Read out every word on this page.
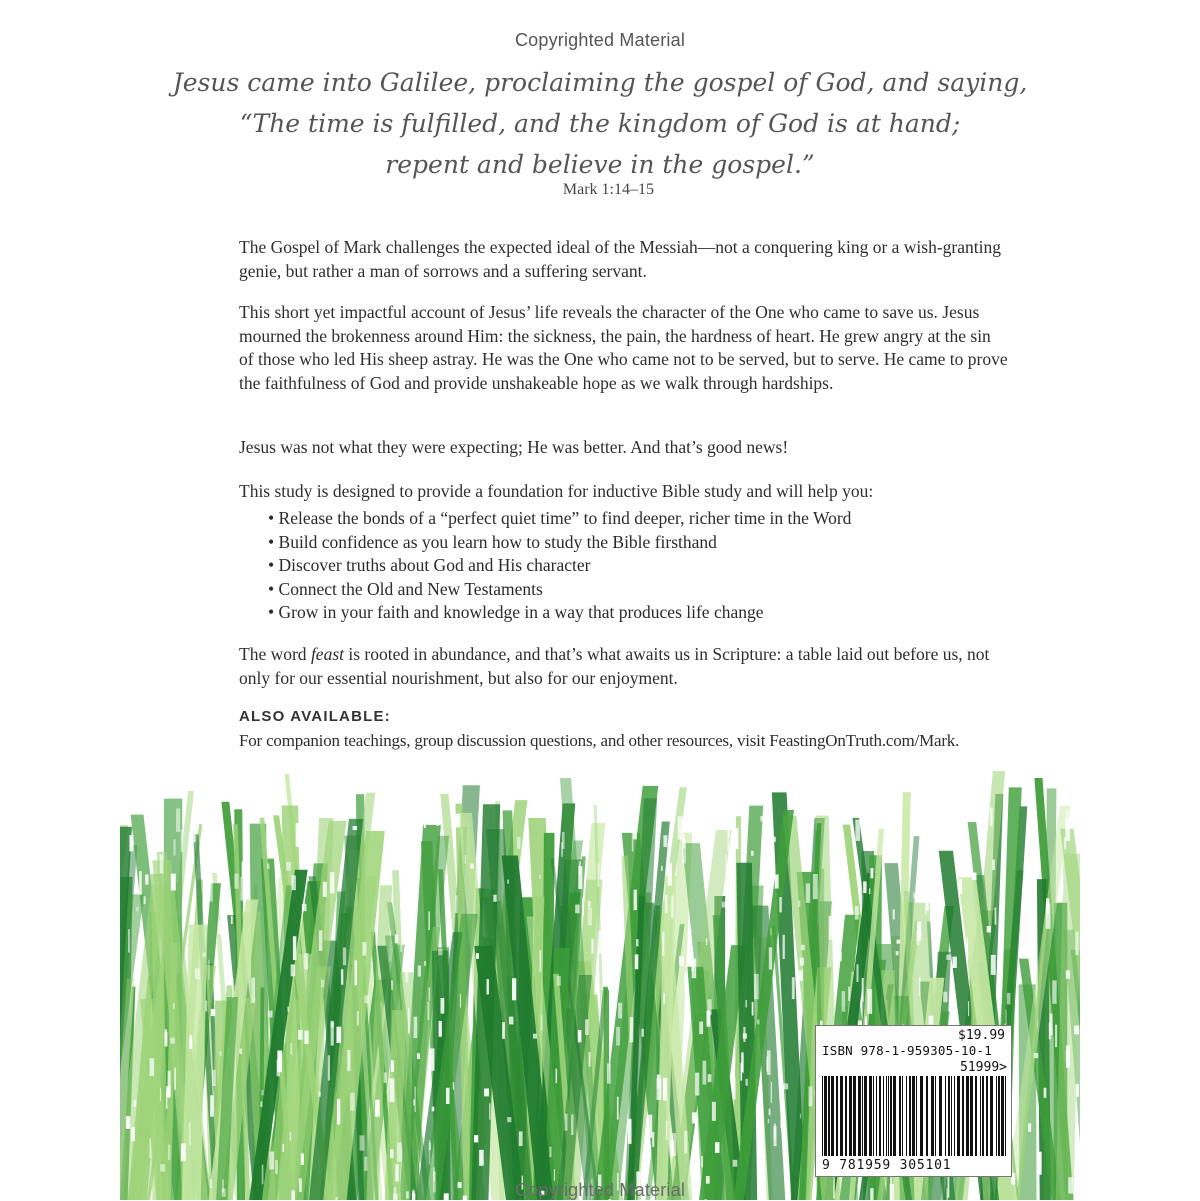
Copyrighted Material
Jesus came into Galilee, proclaiming the gospel of God, and saying,
“The time is fulfilled, and the kingdom of God is at hand;
repent and believe in the gospel.”
Mark 1:14–15

The Gospel of Mark challenges the expected ideal of the Messiah—not a conquering king or a wish-granting genie, but rather a man of sorrows and a suffering servant.

This short yet impactful account of Jesus’ life reveals the character of the One who came to save us. Jesus mourned the brokenness around Him: the sickness, the pain, the hardness of heart. He grew angry at the sin of those who led His sheep astray. He was the One who came not to be served, but to serve. He came to prove the faithfulness of God and provide unshakeable hope as we walk through hardships.

Jesus was not what they were expecting; He was better. And that’s good news!

This study is designed to provide a foundation for inductive Bible study and will help you:

• Release the bonds of a “perfect quiet time” to find deeper, richer time in the Word
• Build confidence as you learn how to study the Bible firsthand
• Discover truths about God and His character
• Connect the Old and New Testaments
• Grow in your faith and knowledge in a way that produces life change

The word feast is rooted in abundance, and that’s what awaits us in Scripture: a table laid out before us, not only for our essential nourishment, but also for our enjoyment.

ALSO AVAILABLE:
For companion teachings, group discussion questions, and other resources, visit FeastingOnTruth.com/Mark.
Copyrighted Material
$19.99
ISBN 978-1-959305-10-1
51999>
9 781959 305101
